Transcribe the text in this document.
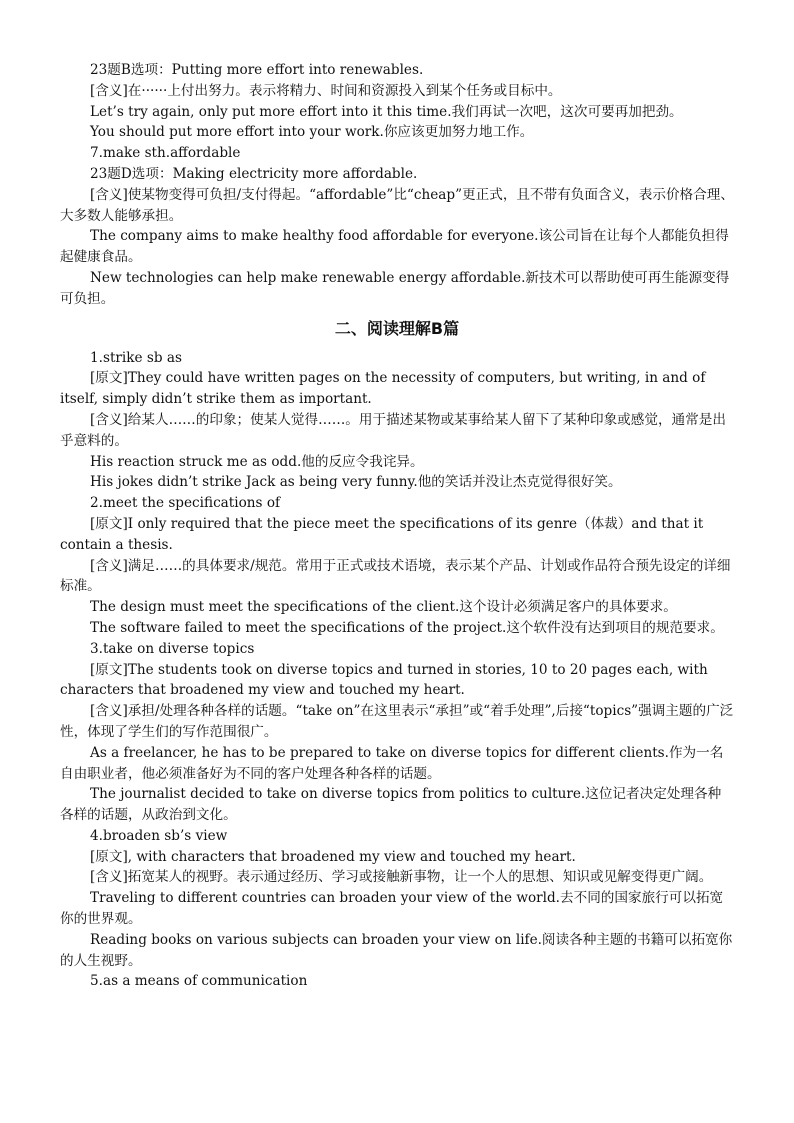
23题B选项：Putting more effort into renewables.

[含义]在······上付出努力。表示将精力、时间和资源投入到某个任务或目标中。

Let’s try again, only put more effort into it this time.我们再试一次吧，这次可要再加把劲。

You should put more effort into your work.你应该更加努力地工作。

7.make sth.affordable

23题D选项：Making electricity more affordable.

[含义]使某物变得可负担/支付得起。“affordable”比“cheap”更正式，且不带有负面含义，表示价格合理、大多数人能够承担。

The company aims to make healthy food affordable for everyone.该公司旨在让每个人都能负担得起健康食品。

New technologies can help make renewable energy affordable.新技术可以帮助使可再生能源变得可负担。

二、阅读理解B篇

1.strike sb as

[原文]They could have written pages on the necessity of computers, but writing, in and of itself, simply didn’t strike them as important.

[含义]给某人……的印象；使某人觉得……。用于描述某物或某事给某人留下了某种印象或感觉，通常是出乎意料的。

His reaction struck me as odd.他的反应令我诧异。

His jokes didn’t strike Jack as being very funny.他的笑话并没让杰克觉得很好笑。

2.meet the specifications of

[原文]I only required that the piece meet the specifications of its genre（体裁）and that it contain a thesis.

[含义]满足……的具体要求/规范。常用于正式或技术语境，表示某个产品、计划或作品符合预先设定的详细标准。

The design must meet the specifications of the client.这个设计必须满足客户的具体要求。

The software failed to meet the specifications of the project.这个软件没有达到项目的规范要求。

3.take on diverse topics

[原文]The students took on diverse topics and turned in stories, 10 to 20 pages each, with characters that broadened my view and touched my heart.

[含义]承担/处理各种各样的话题。“take on”在这里表示“承担”或“着手处理”,后接“topics”强调主题的广泛性，体现了学生们的写作范围很广。

As a freelancer, he has to be prepared to take on diverse topics for different clients.作为一名自由职业者，他必须准备好为不同的客户处理各种各样的话题。

The journalist decided to take on diverse topics from politics to culture.这位记者决定处理各种各样的话题，从政治到文化。

4.broaden sb’s view

[原文], with characters that broadened my view and touched my heart.

[含义]拓宽某人的视野。表示通过经历、学习或接触新事物，让一个人的思想、知识或见解变得更广阔。

Traveling to different countries can broaden your view of the world.去不同的国家旅行可以拓宽你的世界观。

Reading books on various subjects can broaden your view on life.阅读各种主题的书籍可以拓宽你的人生视野。

5.as a means of communication
